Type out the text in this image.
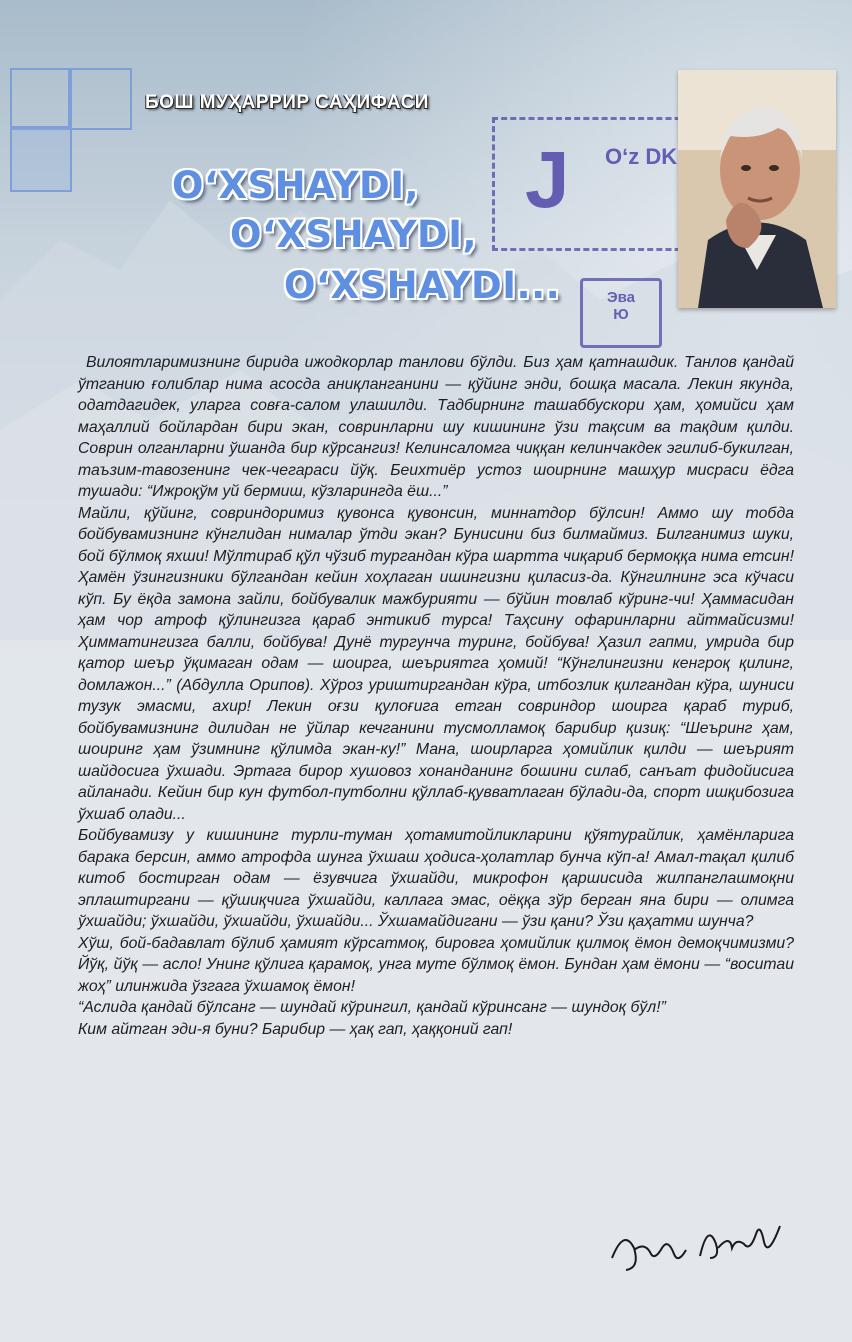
БОШ МУҲАРРИР САҲИФАСИ
J Oʻz DK
Эва
Ю
O‘XSHAYDI,
O‘XSHAYDI,
O‘XSHAYDI...

Вилоятларимизнинг бирида ижодкорлар танлови бўлди. Биз ҳам қатнашдик. Танлов қандай ўтганию ғолиблар нима асосда аниқланганини — қўйинг энди, бошқа масала. Лекин якунда, одатдагидек, уларга совға-салом улашилди. Тадбирнинг ташаббускори ҳам, ҳомийси ҳам маҳаллий бойлардан бири экан, совринларни шу кишининг ўзи тақсим ва тақдим қилди. Соврин олганларни ўшанда бир кўрсангиз! Келинсаломга чиққан келинчакдек эгилиб-букилган, таъзим-тавозенинг чек-чегараси йўқ. Беихтиёр устоз шоирнинг машҳур мисраси ёдга тушади: “Ижроқўм уй бермиш, кўзларингда ёш...”

Майли, қўйинг, совриндоримиз қувонса қувонсин, миннатдор бўлсин! Аммо шу тобда бойбувамизнинг кўнглидан нималар ўтди экан? Бунисини биз билмаймиз. Билганимиз шуки, бой бўлмоқ яхши! Мўлтираб қўл чўзиб тургандан кўра шартта чиқариб бермоққа нима етсин! Ҳамён ўзингизники бўлгандан кейин хоҳлаган ишингизни қиласиз-да. Кўнгилнинг эса кўчаси кўп. Бу ёқда замона зайли, бойбувалик мажбурияти — бўйин товлаб кўринг-чи! Ҳаммасидан ҳам чор атроф қўлингизга қараб энтикиб турса! Таҳсину офаринларни айтмайсизми! Ҳимматингизга балли, бойбува! Дунё тургунча туринг, бойбува! Ҳазил гапми, умрида бир қатор шеър ўқимаган одам — шоирга, шеъриятга ҳомий! “Кўнглингизни кенгроқ қилинг, домлажон...” (Абдулла Орипов). Хўроз уриштиргандан кўра, итбозлик қилгандан кўра, шуниси тузук эмасми, ахир! Лекин оғзи қулоғига етган совриндор шоирга қараб туриб, бойбувамизнинг дилидан не ўйлар кечганини тусмолламоқ барибир қизиқ: “Шеъринг ҳам, шоиринг ҳам ўзимнинг қўлимда экан-ку!” Мана, шоирларга ҳомийлик қилди — шеърият шайдосига ўхшади. Эртага бирор хушовоз хонанданинг бошини силаб, санъат фидойисига айланади. Кейин бир кун футбол-путболни қўллаб-қувватлаган бўлади-да, спорт ишқибозига ўхшаб олади...

Бойбувамизу у кишининг турли-туман ҳотамитойликларини қўятурайлик, ҳамёнларига барака берсин, аммо атрофда шунга ўхшаш ҳодиса-ҳолатлар бунча кўп-а! Амал-тақал қилиб китоб бостирган одам — ёзувчига ўхшайди, микрофон қаршисида жилпанглашмоқни эплаштиргани — қўшиқчига ўхшайди, каллага эмас, оёққа зўр берган яна бири — олимга ўхшайди; ўхшайди, ўхшайди, ўхшайди... Ўхшамайдигани — ўзи қани? Ўзи қаҳатми шунча?

Хўш, бой-бадавлат бўлиб ҳамият кўрсатмоқ, бировга ҳомийлик қилмоқ ёмон демоқчимизми? Йўқ, йўқ — асло! Унинг қўлига қарамоқ, унга муте бўлмоқ ёмон. Бундан ҳам ёмони — “воситаи жоҳ” илинжида ўзгага ўхшамоқ ёмон!

“Аслида қандай бўлсанг — шундай кўрингил, қандай кўринсанг — шундоқ бўл!”

Ким айтган эди-я буни? Барибир — ҳақ гап, ҳаққоний гап!
